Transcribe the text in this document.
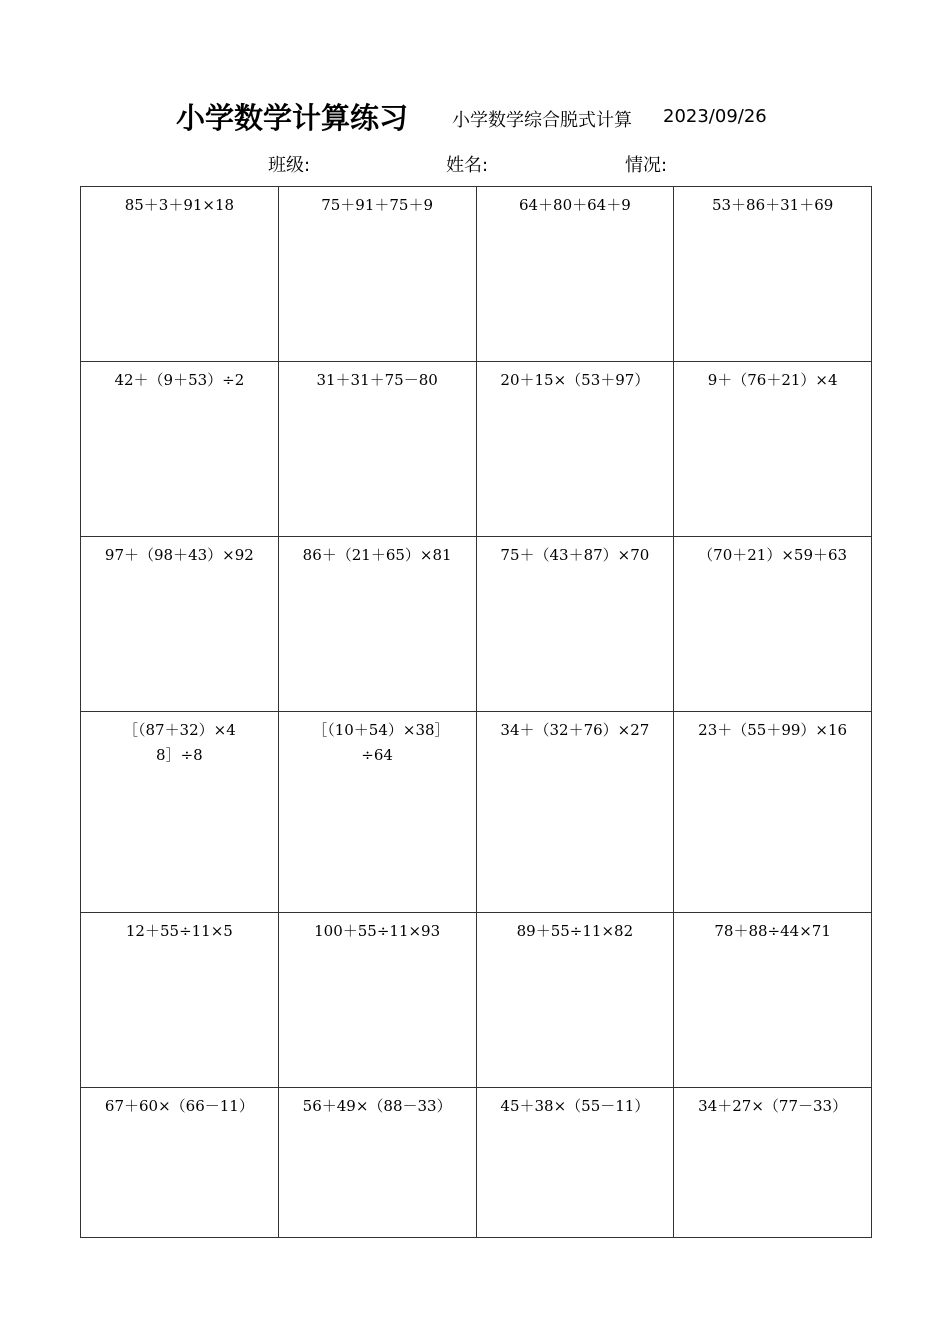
小学数学计算练习 小学数学综合脱式计算 2023/09/26
班级:	姓名:	情况:
85＋3＋91×18	75＋91＋75＋9	64＋80＋64＋9	53＋86＋31＋69
42＋（9＋53）÷2	31＋31＋75－80	20＋15×（53＋97）	9＋（76＋21）×4
97＋（98＋43）×92	86＋（21＋65）×81	75＋（43＋87）×70	（70＋21）×59＋63
［（87＋32）×48］÷8	［（10＋54）×38］÷64	34＋（32＋76）×27	23＋（55＋99）×16
12＋55÷11×5	100＋55÷11×93	89＋55÷11×82	78＋88÷44×71
67＋60×（66－11）	56＋49×（88－33）	45＋38×（55－11）	34＋27×（77－33）
